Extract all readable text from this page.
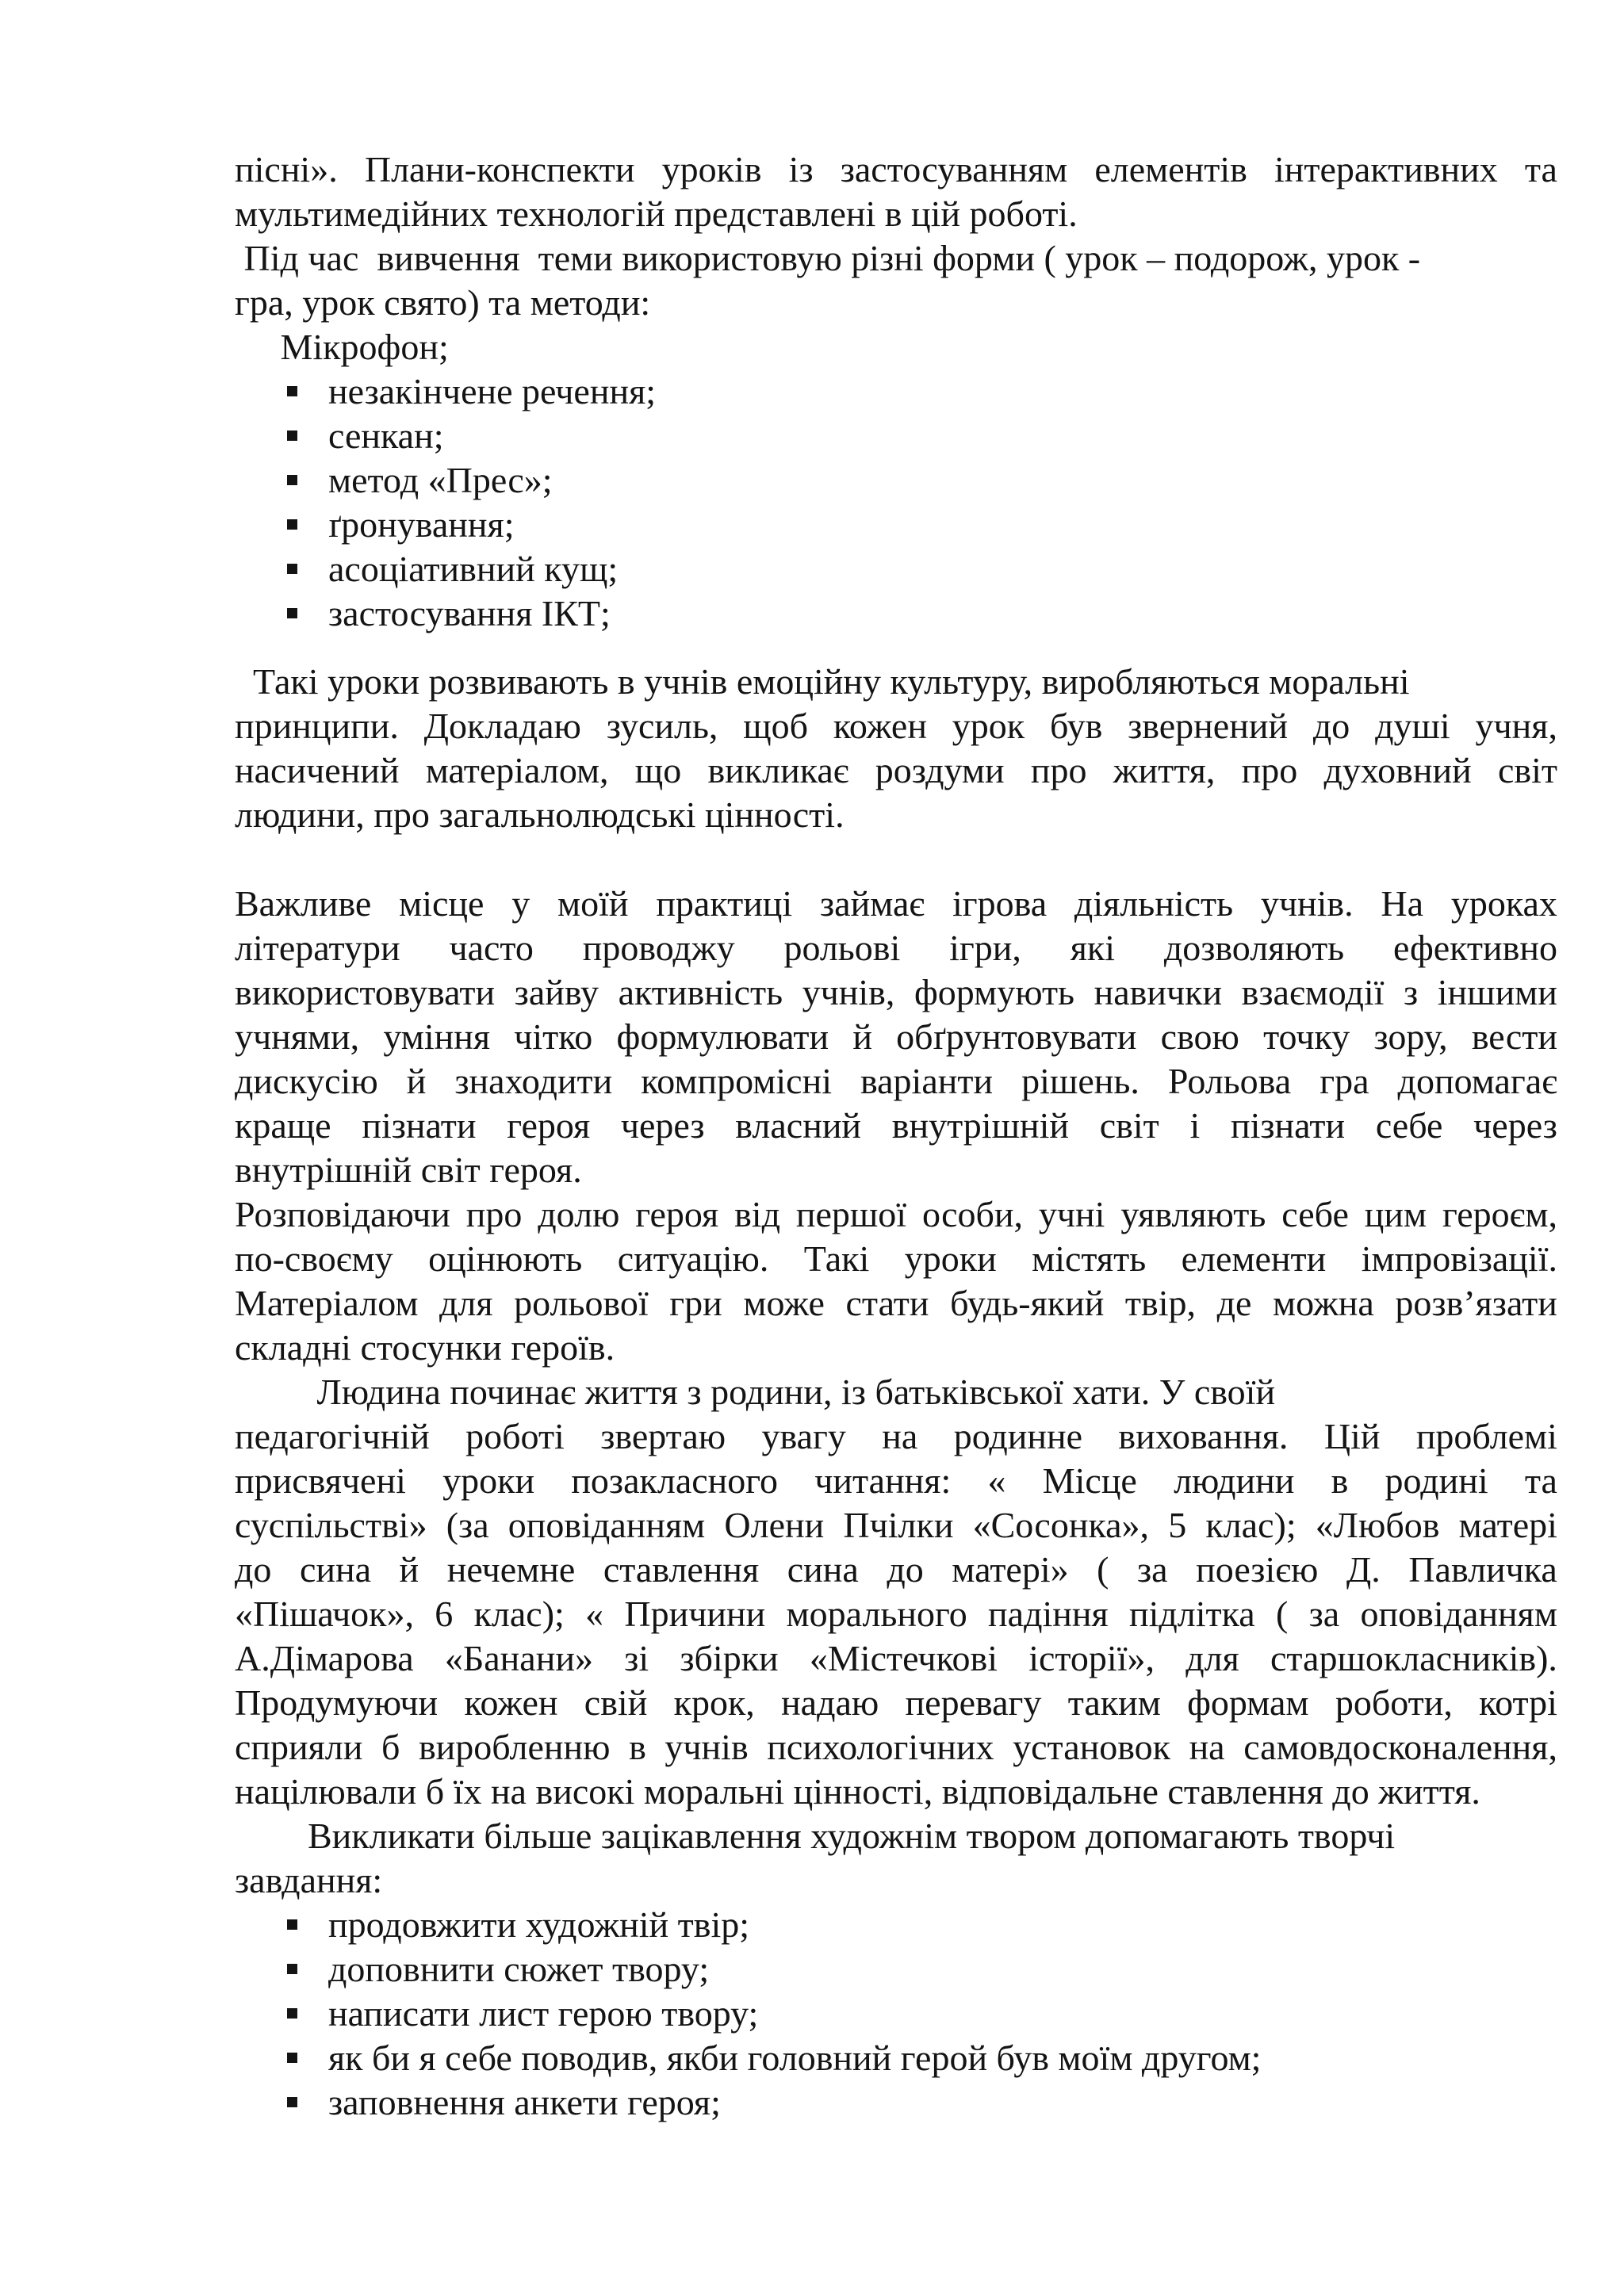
пісні». Плани-конспекти уроків із застосуванням елементів інтерактивних та
мультимедійних технологій представлені в цій роботі.
Під час  вивчення  теми використовую різні форми ( урок – подорож, урок -
гра, урок свято) та методи:
Мікрофон;
незакінчене речення;
сенкан;
метод «Прес»;
ґронування;
асоціативний кущ;
застосування ІКТ;
Такі уроки розвивають в учнів емоційну культуру, виробляються моральні
принципи. Докладаю зусиль, щоб кожен урок був звернений до душі учня,
насичений матеріалом, що викликає роздуми про життя, про духовний світ
людини, про загальнолюдські цінності.
Важливе місце у моїй практиці займає ігрова діяльність учнів. На уроках
літератури часто проводжу рольові ігри, які дозволяють ефективно
використовувати зайву активність учнів, формують навички взаємодії з іншими
учнями, уміння чітко формулювати й обґрунтовувати свою точку зору, вести
дискусію й знаходити компромісні варіанти рішень. Рольова гра допомагає
краще пізнати героя через власний внутрішній світ і пізнати себе через
внутрішній світ героя.
Розповідаючи про долю героя від першої особи, учні уявляють себе цим героєм,
по-своєму оцінюють ситуацію. Такі уроки містять елементи імпровізації.
Матеріалом для рольової гри може стати будь-який твір, де можна розв’язати
складні стосунки героїв.
Людина починає життя з родини, із батьківської хати. У своїй
педагогічній роботі звертаю увагу на родинне виховання. Цій проблемі
присвячені уроки позакласного читання: « Місце людини в родині та
суспільстві» (за оповіданням Олени Пчілки «Сосонка», 5 клас); «Любов матері
до сина й нечемне ставлення сина до матері» ( за поезією Д. Павличка
«Пішачок», 6 клас); « Причини морального падіння підлітка ( за оповіданням
А.Дімарова «Банани» зі збірки «Містечкові історії», для старшокласників).
Продумуючи кожен свій крок, надаю перевагу таким формам роботи, котрі
сприяли б виробленню в учнів психологічних установок на самовдосконалення,
націлювали б їх на високі моральні цінності, відповідальне ставлення до життя.
Викликати більше зацікавлення художнім твором допомагають творчі
завдання:
продовжити художній твір;
доповнити сюжет твору;
написати лист герою твору;
як би я себе поводив, якби головний герой був моїм другом;
заповнення анкети героя;
